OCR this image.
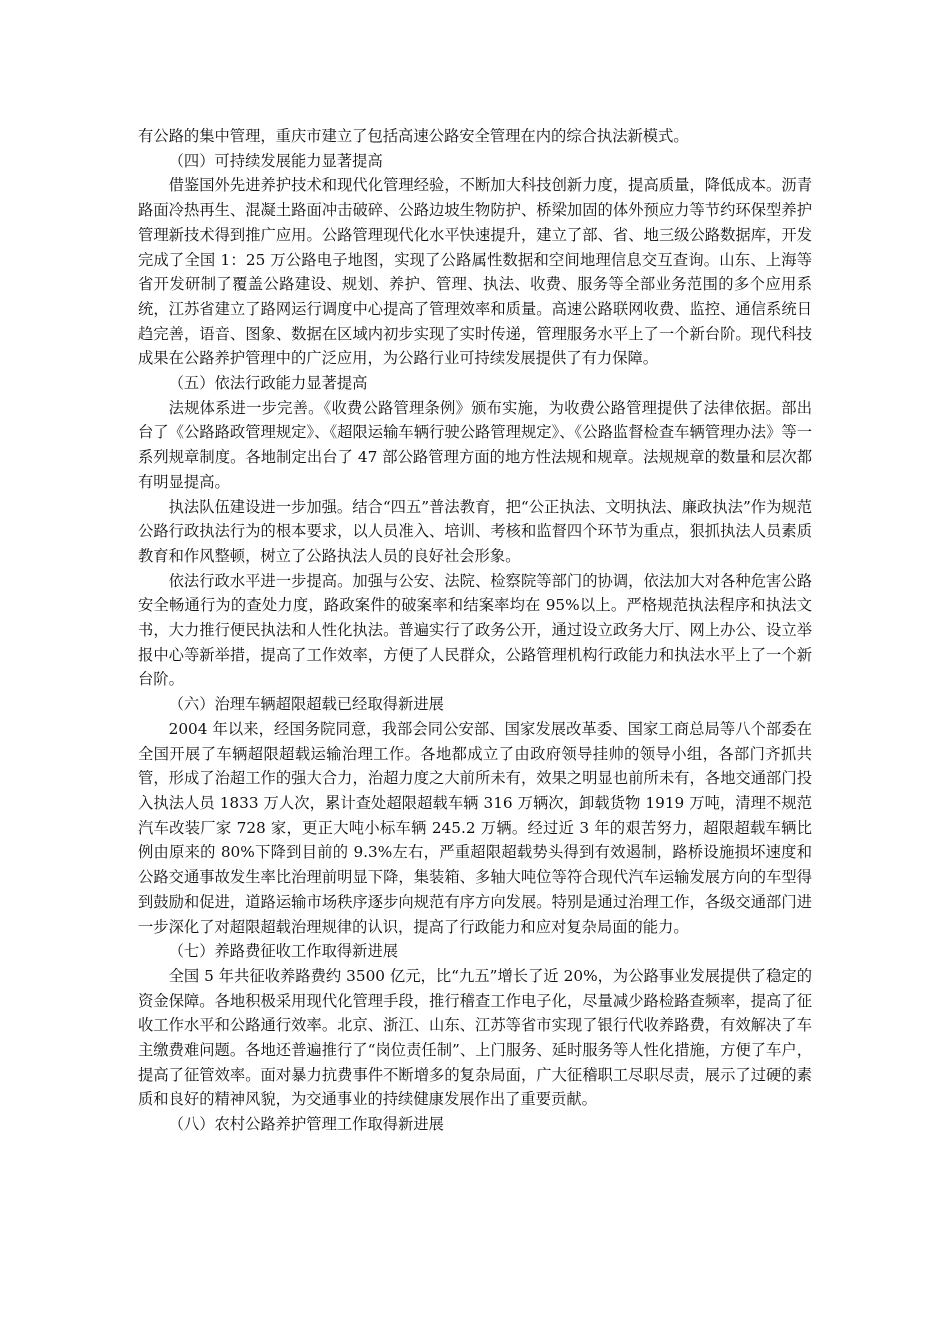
有公路的集中管理，重庆市建立了包括高速公路安全管理在内的综合执法新模式。

（四）可持续发展能力显著提高

借鉴国外先进养护技术和现代化管理经验，不断加大科技创新力度，提高质量，降低成本。沥青路面冷热再生、混凝土路面冲击破碎、公路边坡生物防护、桥梁加固的体外预应力等节约环保型养护管理新技术得到推广应用。公路管理现代化水平快速提升，建立了部、省、地三级公路数据库，开发完成了全国 1：25 万公路电子地图，实现了公路属性数据和空间地理信息交互查询。山东、上海等省开发研制了覆盖公路建设、规划、养护、管理、执法、收费、服务等全部业务范围的多个应用系统，江苏省建立了路网运行调度中心提高了管理效率和质量。高速公路联网收费、监控、通信系统日趋完善，语音、图象、数据在区域内初步实现了实时传递，管理服务水平上了一个新台阶。现代科技成果在公路养护管理中的广泛应用，为公路行业可持续发展提供了有力保障。

（五）依法行政能力显著提高

法规体系进一步完善。《收费公路管理条例》颁布实施，为收费公路管理提供了法律依据。部出台了《公路路政管理规定》、《超限运输车辆行驶公路管理规定》、《公路监督检查车辆管理办法》等一系列规章制度。各地制定出台了 47 部公路管理方面的地方性法规和规章。法规规章的数量和层次都有明显提高。

执法队伍建设进一步加强。结合“四五”普法教育，把“公正执法、文明执法、廉政执法”作为规范公路行政执法行为的根本要求，以人员准入、培训、考核和监督四个环节为重点，狠抓执法人员素质教育和作风整顿，树立了公路执法人员的良好社会形象。

依法行政水平进一步提高。加强与公安、法院、检察院等部门的协调，依法加大对各种危害公路安全畅通行为的查处力度，路政案件的破案率和结案率均在 95%以上。严格规范执法程序和执法文书，大力推行便民执法和人性化执法。普遍实行了政务公开，通过设立政务大厅、网上办公、设立举报中心等新举措，提高了工作效率，方便了人民群众，公路管理机构行政能力和执法水平上了一个新台阶。

（六）治理车辆超限超载已经取得新进展

2004 年以来，经国务院同意，我部会同公安部、国家发展改革委、国家工商总局等八个部委在全国开展了车辆超限超载运输治理工作。各地都成立了由政府领导挂帅的领导小组，各部门齐抓共管，形成了治超工作的强大合力，治超力度之大前所未有，效果之明显也前所未有，各地交通部门投入执法人员 1833 万人次，累计查处超限超载车辆 316 万辆次，卸载货物 1919 万吨，清理不规范汽车改装厂家 728 家，更正大吨小标车辆 245.2 万辆。经过近 3 年的艰苦努力，超限超载车辆比例由原来的 80%下降到目前的 9.3%左右，严重超限超载势头得到有效遏制，路桥设施损坏速度和公路交通事故发生率比治理前明显下降，集装箱、多轴大吨位等符合现代汽车运输发展方向的车型得到鼓励和促进，道路运输市场秩序逐步向规范有序方向发展。特别是通过治理工作，各级交通部门进一步深化了对超限超载治理规律的认识，提高了行政能力和应对复杂局面的能力。

（七）养路费征收工作取得新进展

全国 5 年共征收养路费约 3500 亿元，比“九五”增长了近 20%，为公路事业发展提供了稳定的资金保障。各地积极采用现代化管理手段，推行稽查工作电子化，尽量减少路检路查频率，提高了征收工作水平和公路通行效率。北京、浙江、山东、江苏等省市实现了银行代收养路费，有效解决了车主缴费难问题。各地还普遍推行了“岗位责任制”、上门服务、延时服务等人性化措施，方便了车户，提高了征管效率。面对暴力抗费事件不断增多的复杂局面，广大征稽职工尽职尽责，展示了过硬的素质和良好的精神风貌，为交通事业的持续健康发展作出了重要贡献。

（八）农村公路养护管理工作取得新进展
